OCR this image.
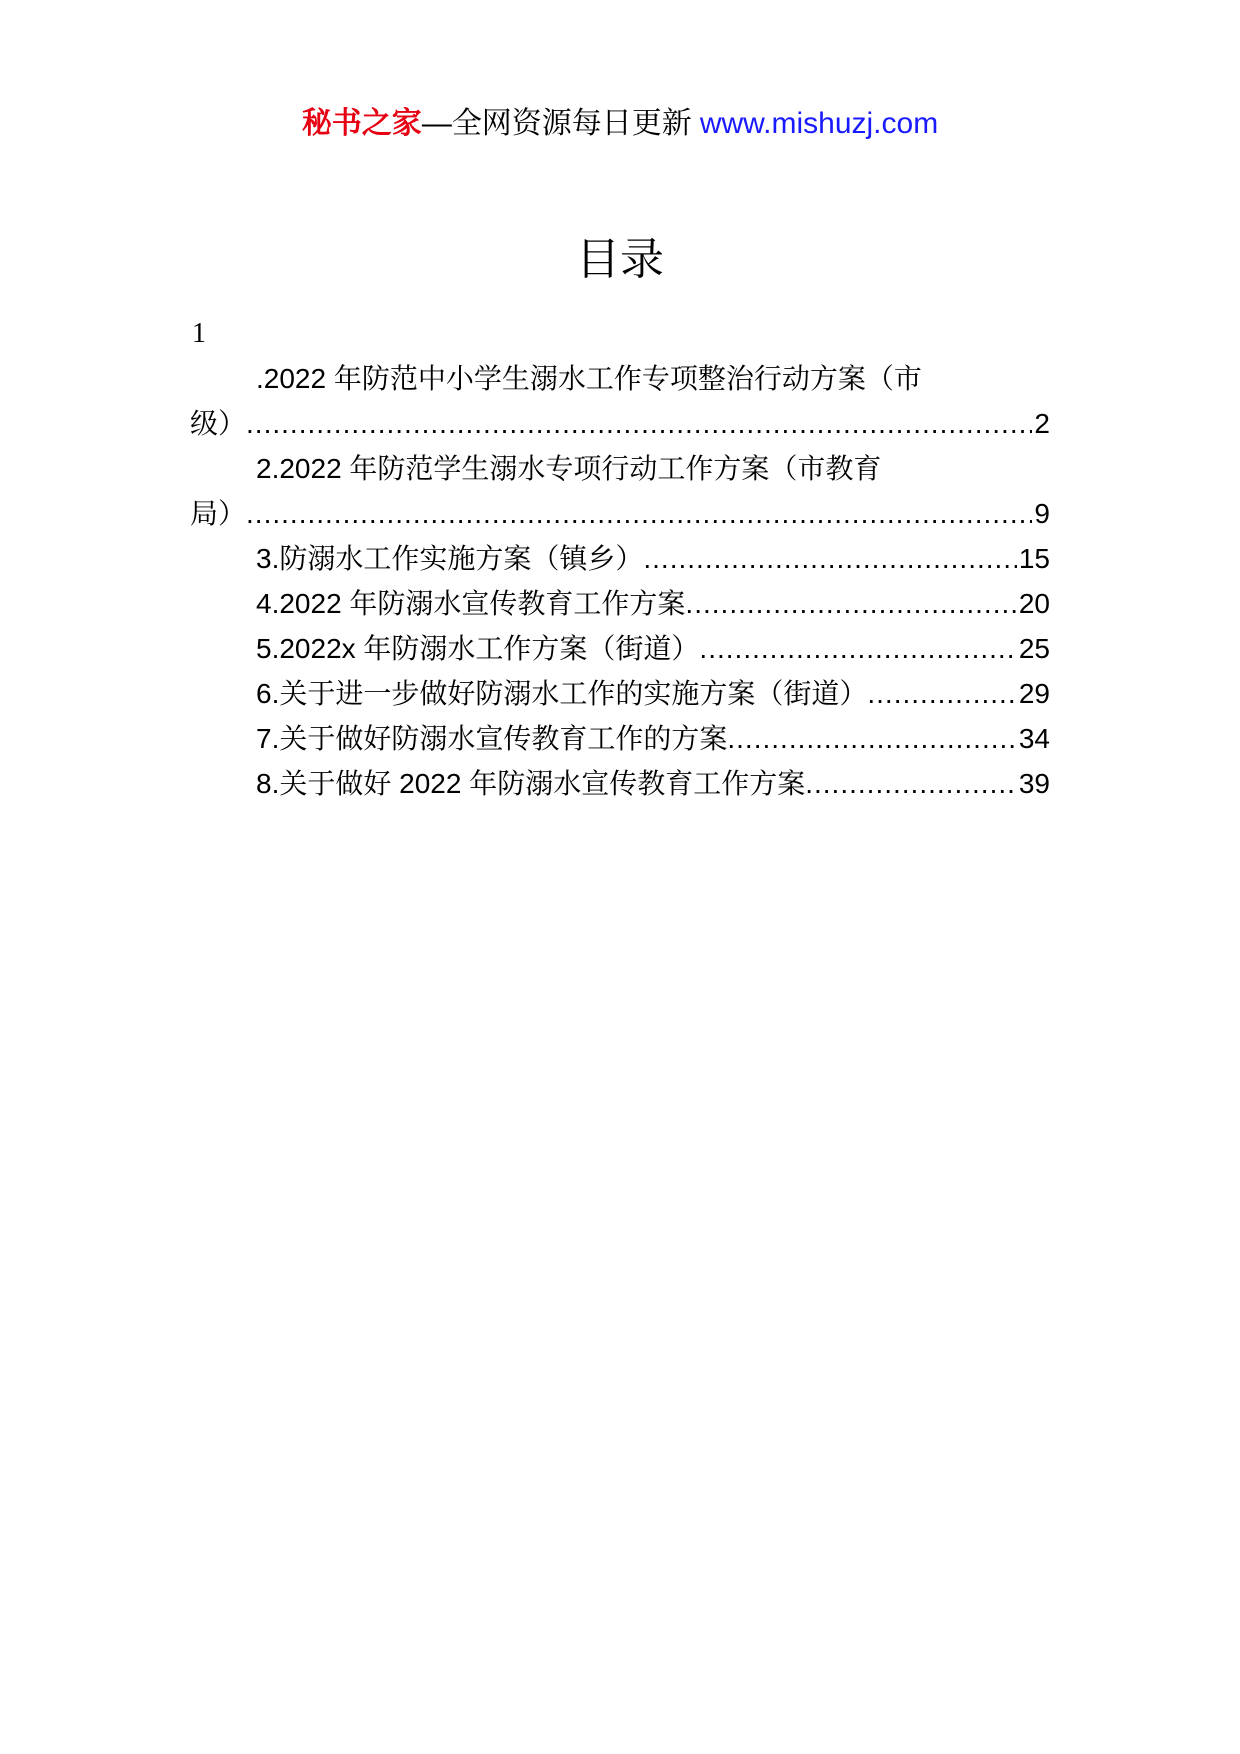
秘书之家—全网资源每日更新 www.mishuzj.com
目录
1
.2022 年防范中小学生溺水工作专项整治行动方案（市
级） .....	2
2.2022 年防范学生溺水专项行动工作方案（市教育
局） .....	9
3.防溺水工作实施方案（镇乡） .....	15
4.2022 年防溺水宣传教育工作方案 .....	20
5.2022x 年防溺水工作方案（街道） .....	25
6.关于进一步做好防溺水工作的实施方案（街道） .....	29
7.关于做好防溺水宣传教育工作的方案 .....	34
8.关于做好 2022 年防溺水宣传教育工作方案 .....	39
